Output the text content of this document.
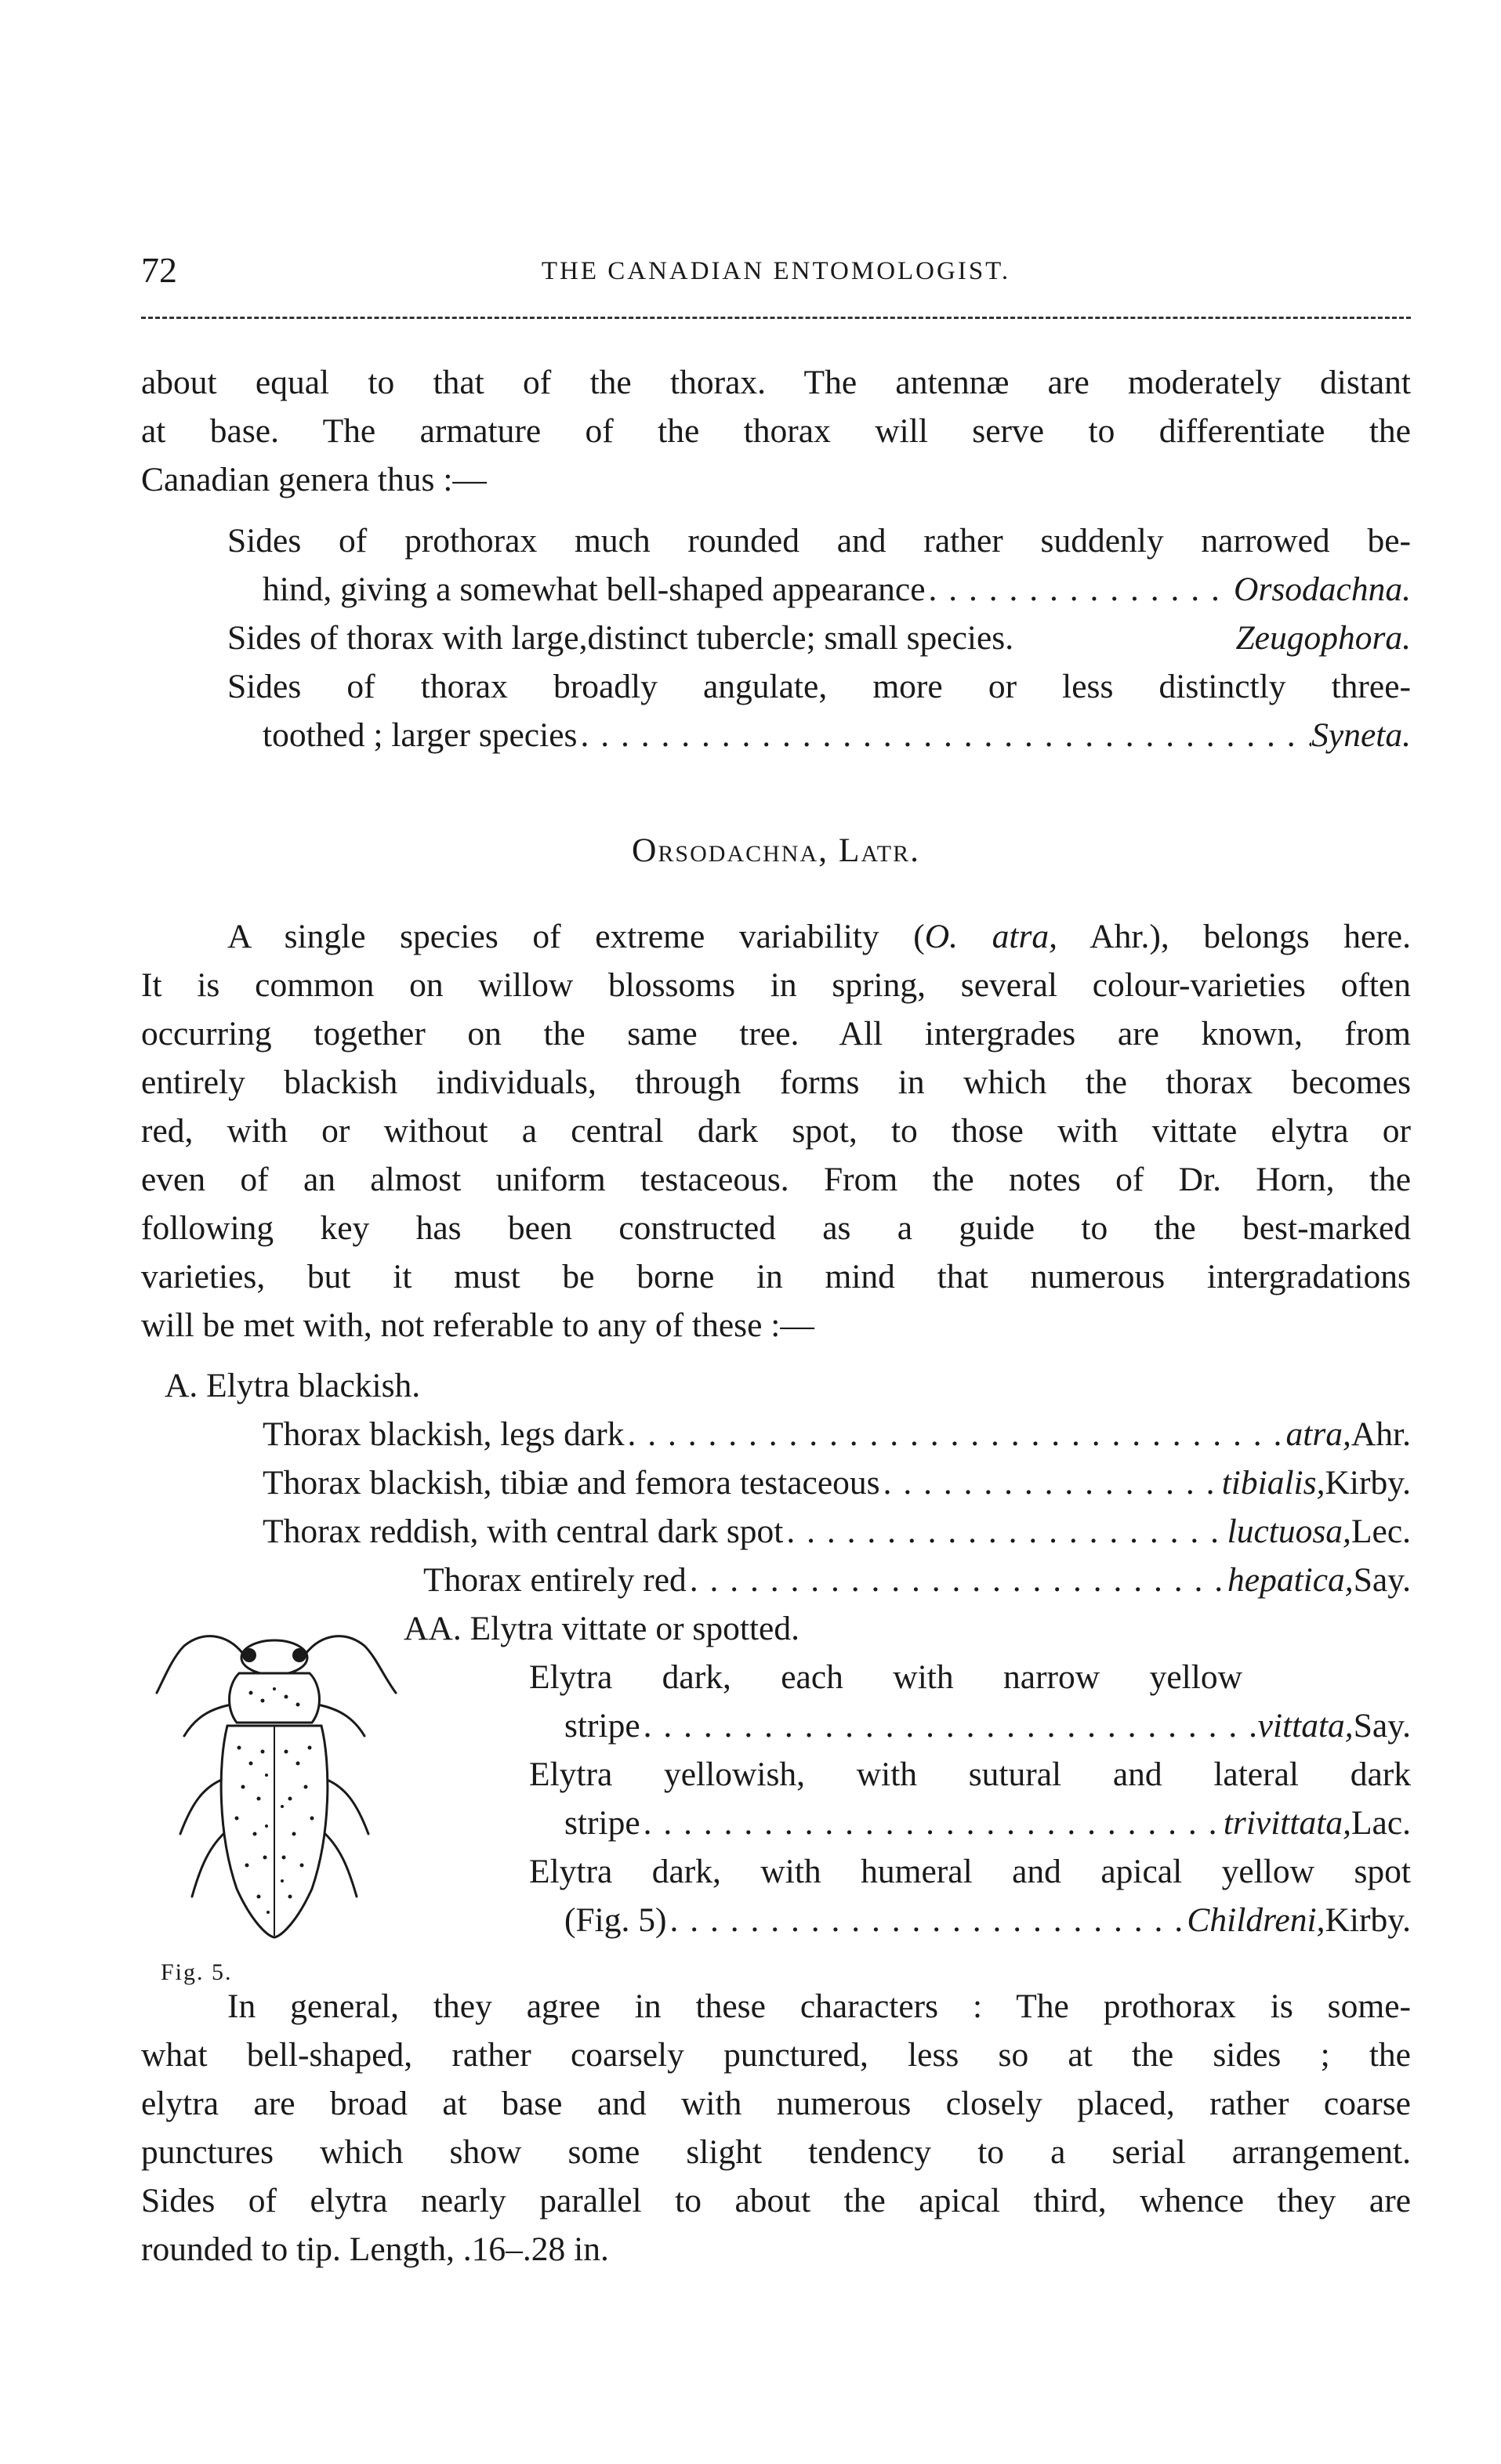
72	THE CANADIAN ENTOMOLOGIST.
about equal to that of the thorax. The antennæ are moderately distant
at base. The armature of the thorax will serve to differentiate the
Canadian genera thus :—
Sides of prothorax much rounded and rather suddenly narrowed be-
hind, giving a somewhat bell-shaped appearance . . .	Orsodachna.
Sides of thorax with large,distinct tubercle; small species.	Zeugophora.
Sides of thorax broadly angulate, more or less distinctly three-
toothed ; larger species . . .	Syneta.
Orsodachna, Latr.
A single species of extreme variability (O. atra, Ahr.), belongs here.
It is common on willow blossoms in spring, several colour-varieties often
occurring together on the same tree. All intergrades are known, from
entirely blackish individuals, through forms in which the thorax becomes
red, with or without a central dark spot, to those with vittate elytra or
even of an almost uniform testaceous. From the notes of Dr. Horn, the
following key has been constructed as a guide to the best-marked
varieties, but it must be borne in mind that numerous intergradations
will be met with, not referable to any of these :—
A. Elytra blackish.
Thorax blackish, legs dark . . .	atra, Ahr.
Thorax blackish, tibiæ and femora testaceous . . .	tibialis, Kirby.
Thorax reddish, with central dark spot . . .	luctuosa, Lec.
Thorax entirely red . . .	hepatica, Say.
AA. Elytra vittate or spotted.
Elytra dark, each with narrow yellow
stripe . . .	vittata, Say.
Elytra yellowish, with sutural and lateral dark
stripe . . .	trivittata, Lac.
Elytra dark, with humeral and apical yellow spot
(Fig. 5) . . .	Childreni, Kirby.
Fig. 5.
In general, they agree in these characters : The prothorax is some-
what bell-shaped, rather coarsely punctured, less so at the sides ; the
elytra are broad at base and with numerous closely placed, rather coarse
punctures which show some slight tendency to a serial arrangement.
Sides of elytra nearly parallel to about the apical third, whence they are
rounded to tip. Length, .16–.28 in.
